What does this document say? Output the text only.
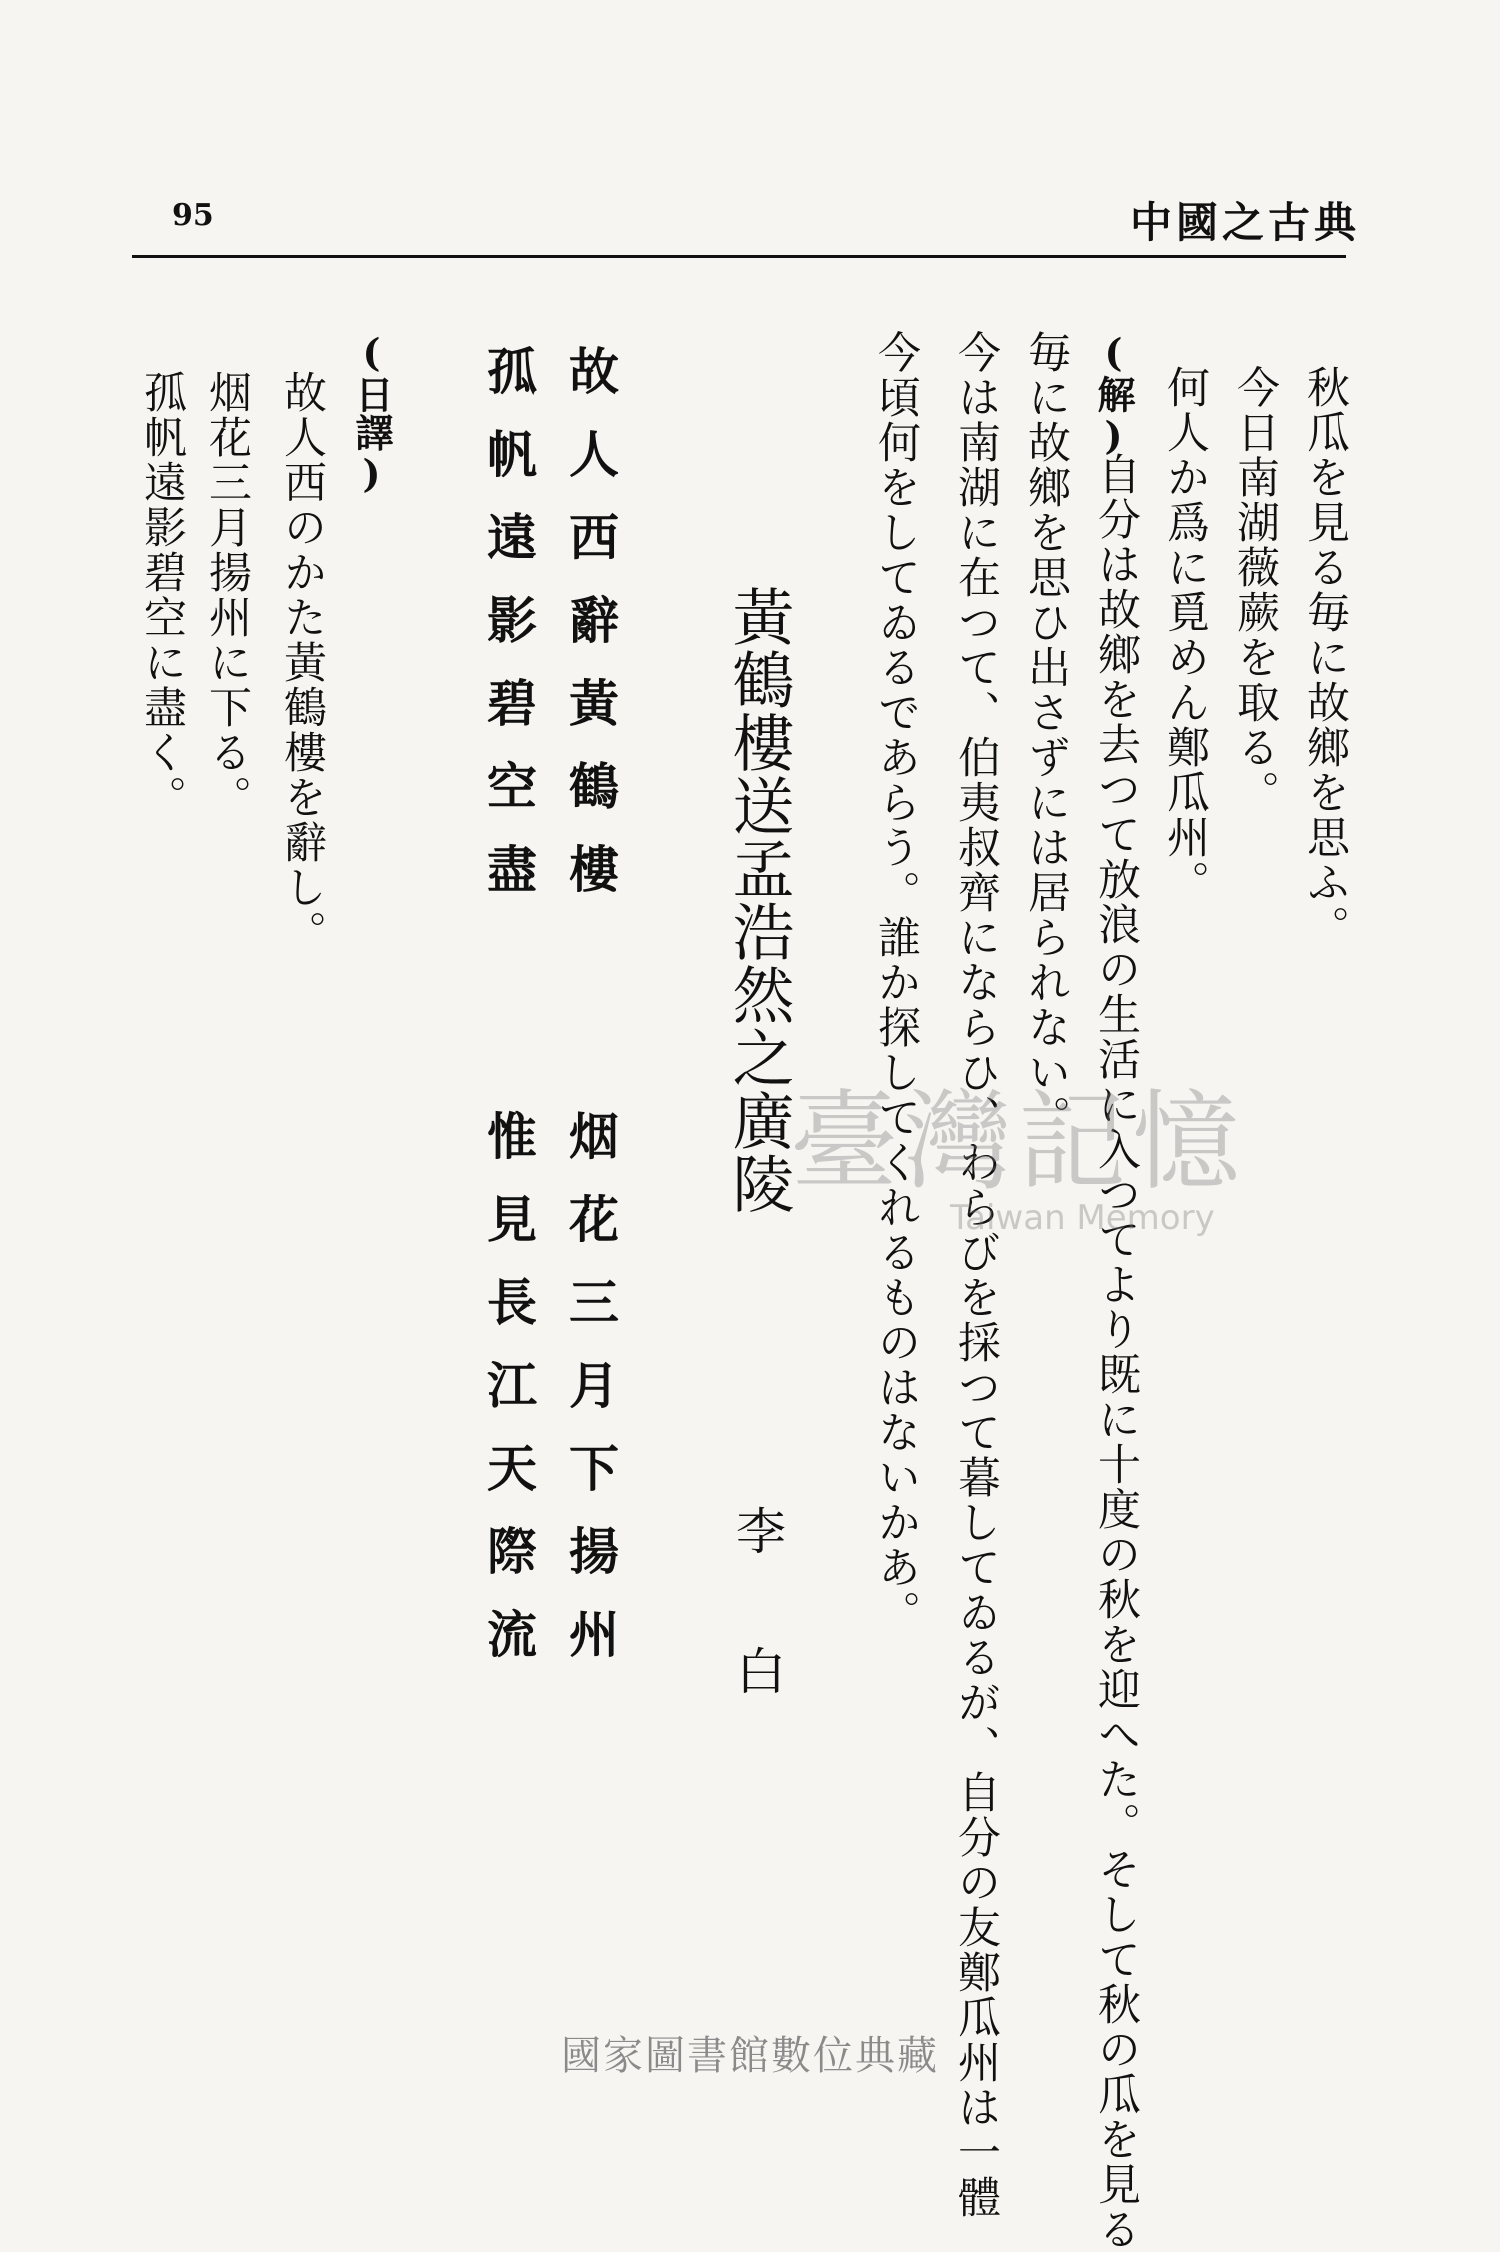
95	中國之古典
秋瓜を見る毎に故鄉を思ふ。
今日南湖薇蕨を取る。
何人か爲に覓めん鄭瓜州。
(解)
自分は故鄉を去つて放浪の生活に入つてより既に十度の秋を迎へた。そして秋の瓜を見る
毎に故鄉を思ひ出さずには居られない。
今は南湖に在つて、伯夷叔齊にならひ、わらびを採つて暮してゐるが、自分の友鄭瓜州は一體
今頃何をしてゐるであらう。誰か探してくれるものはないかあ。
黃鶴樓送孟浩然之廣陵
李白
故人西辭黃鶴樓
烟花三月下揚州
孤帆遠影碧空盡
惟見長江天際流
(日譯)
故人西のかた黃鶴樓を辭し。
烟花三月揚州に下る。
孤帆遠影碧空に盡く。
臺灣記憶
Taiwan Memory
國家圖書館數位典藏
